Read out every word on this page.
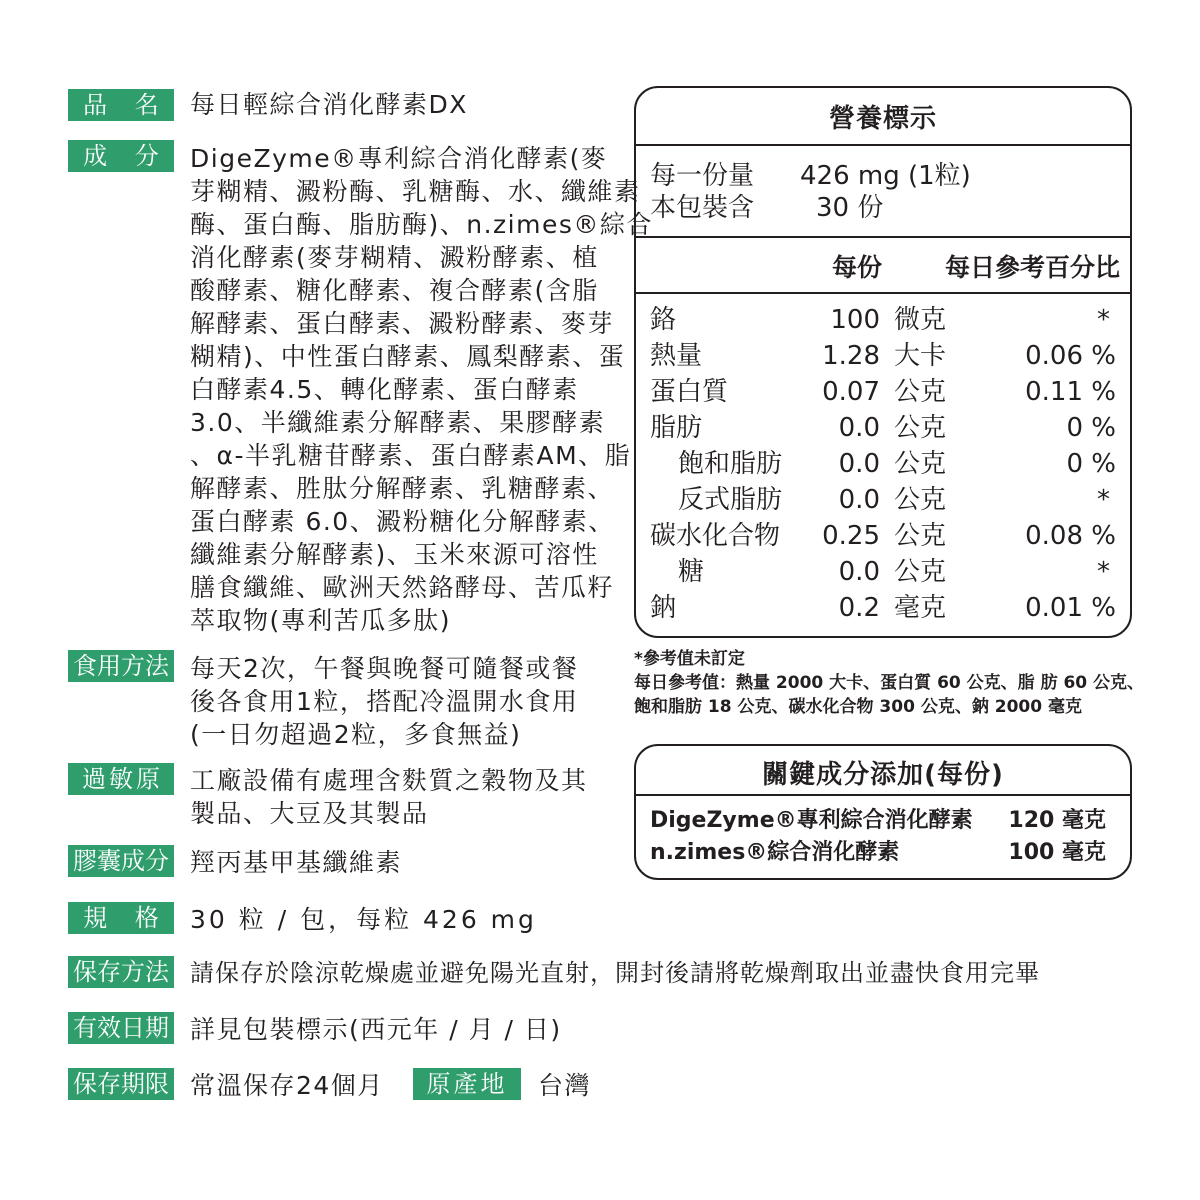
品 名 每日輕綜合消化酵素DX
成 分 DigeZyme®專利綜合消化酵素(麥
芽糊精、澱粉酶、乳糖酶、水、纖維素
酶、蛋白酶、脂肪酶)、n.zimes®綜合
消化酵素(麥芽糊精、澱粉酵素、植
酸酵素、糖化酵素、複合酵素(含脂
解酵素、蛋白酵素、澱粉酵素、麥芽
糊精)、中性蛋白酵素、鳳梨酵素、蛋
白酵素4.5、轉化酵素、蛋白酵素
3.0、半纖維素分解酵素、果膠酵素
、α-半乳糖苷酵素、蛋白酵素AM、脂
解酵素、胜肽分解酵素、乳糖酵素、
蛋白酵素 6.0、澱粉糖化分解酵素、
纖維素分解酵素)、玉米來源可溶性
膳食纖維、歐洲天然鉻酵母、苦瓜籽
萃取物(專利苦瓜多肽)
食用方法 每天2次，午餐與晚餐可隨餐或餐
後各食用1粒，搭配冷溫開水食用
(一日勿超過2粒，多食無益)
過敏原	工廠設備有處理含麩質之穀物及其
製品、大豆及其製品
膠囊成分 羥丙基甲基纖維素
規 格 30 粒 / 包，每粒 426 mg
保存方法 請保存於陰涼乾燥處並避免陽光直射，開封後請將乾燥劑取出並盡快食用完畢
有效日期 詳見包裝標示(西元年 / 月 / 日)
保存期限 常溫保存24個月	原產地	台灣
營養標示
每一份量 426 mg (1粒)
本包裝含 30 份
每份	每日參考百分比
鉻	100 微克	*
熱量	1.28 大卡	0.06 %
蛋白質	0.07 公克	0.11 %
脂肪	0.0 公克	0 %
飽和脂肪 0.0 公克	0 %
反式脂肪 0.0 公克	*
碳水化合物 0.25 公克	0.08 %
糖	0.0 公克	*
鈉	0.2 毫克	0.01 %
*參考值未訂定
每日參考值：熱量 2000 大卡、蛋白質 60 公克、脂 肪 60 公克、
飽和脂肪 18 公克、碳水化合物 300 公克、鈉 2000 毫克
關鍵成分添加(每份)
DigeZyme®專利綜合消化酵素 120 毫克
n.zimes®綜合消化酵素	100 毫克
